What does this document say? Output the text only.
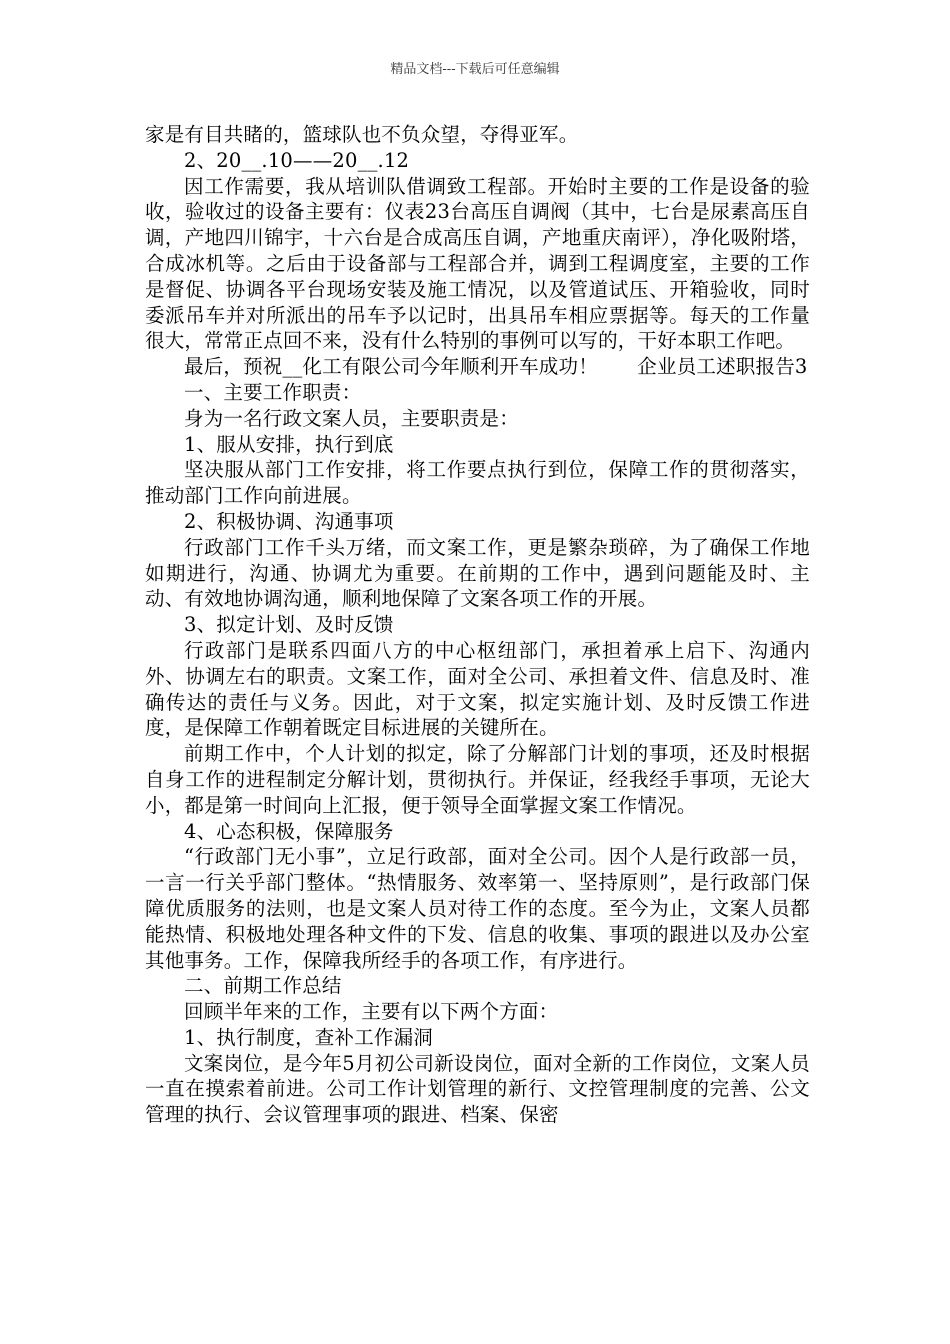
精品文档---下载后可任意编辑

家是有目共睹的，篮球队也不负众望，夺得亚军。

2、20__.10——20__.12

因工作需要，我从培训队借调致工程部。开始时主要的工作是设备的验收，验收过的设备主要有：仪表23台高压自调阀（其中，七台是尿素高压自调，产地四川锦宇，十六台是合成高压自调，产地重庆南评），净化吸附塔，合成冰机等。之后由于设备部与工程部合并，调到工程调度室，主要的工作是督促、协调各平台现场安装及施工情况，以及管道试压、开箱验收，同时委派吊车并对所派出的吊车予以记时，出具吊车相应票据等。每天的工作量很大，常常正点回不来，没有什么特别的事例可以写的，干好本职工作吧。

最后，预祝__化工有限公司今年顺利开车成功！　　企业员工述职报告3

一、主要工作职责：

身为一名行政文案人员，主要职责是：

1、服从安排，执行到底

坚决服从部门工作安排，将工作要点执行到位，保障工作的贯彻落实，推动部门工作向前进展。

2、积极协调、沟通事项

行政部门工作千头万绪，而文案工作，更是繁杂琐碎，为了确保工作地如期进行，沟通、协调尤为重要。在前期的工作中，遇到问题能及时、主动、有效地协调沟通，顺利地保障了文案各项工作的开展。

3、拟定计划、及时反馈

行政部门是联系四面八方的中心枢纽部门，承担着承上启下、沟通内外、协调左右的职责。文案工作，面对全公司、承担着文件、信息及时、准确传达的责任与义务。因此，对于文案，拟定实施计划、及时反馈工作进度，是保障工作朝着既定目标进展的关键所在。

前期工作中，个人计划的拟定，除了分解部门计划的事项，还及时根据自身工作的进程制定分解计划，贯彻执行。并保证，经我经手事项，无论大小，都是第一时间向上汇报，便于领导全面掌握文案工作情况。

4、心态积极，保障服务

“行政部门无小事”，立足行政部，面对全公司。因个人是行政部一员，一言一行关乎部门整体。“热情服务、效率第一、坚持原则”，是行政部门保障优质服务的法则，也是文案人员对待工作的态度。至今为止，文案人员都能热情、积极地处理各种文件的下发、信息的收集、事项的跟进以及办公室其他事务。工作，保障我所经手的各项工作，有序进行。

二、前期工作总结

回顾半年来的工作，主要有以下两个方面：

1、执行制度，查补工作漏洞

文案岗位，是今年5月初公司新设岗位，面对全新的工作岗位，文案人员一直在摸索着前进。公司工作计划管理的新行、文控管理制度的完善、公文管理的执行、会议管理事项的跟进、档案、保密
